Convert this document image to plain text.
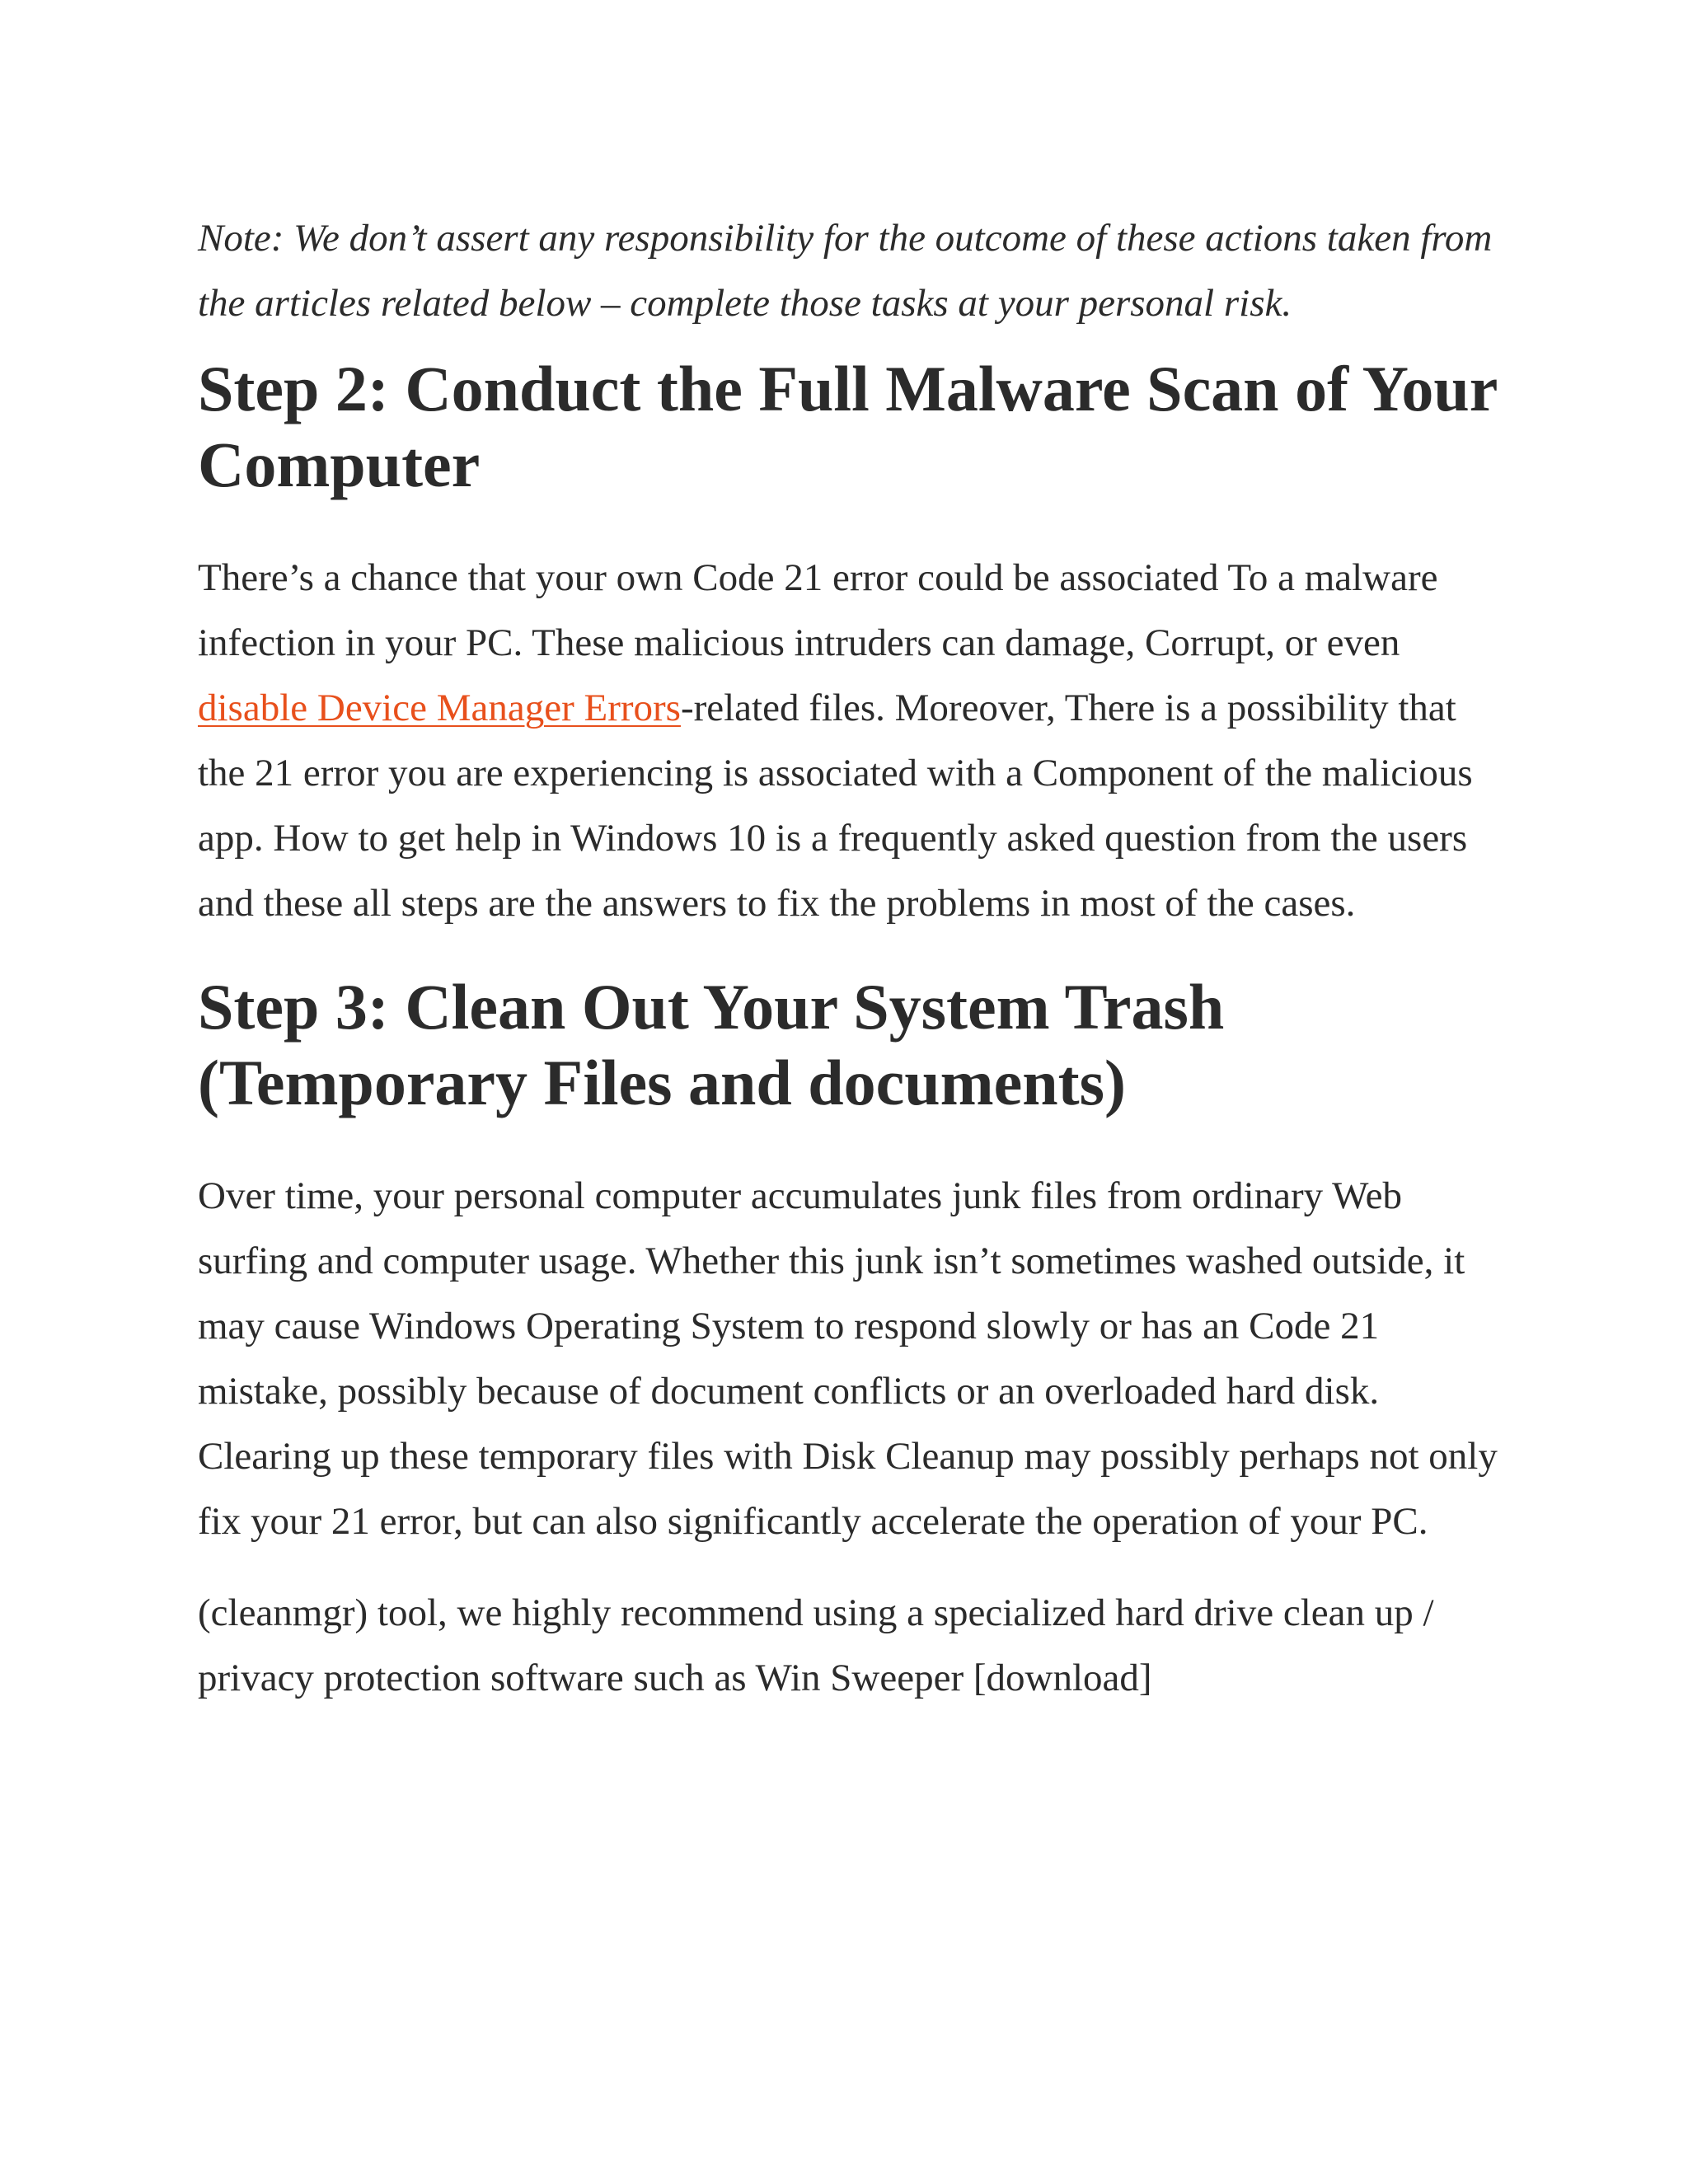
Note: We don’t assert any responsibility for the outcome of these actions taken from the articles related below – complete those tasks at your personal risk.

Step 2: Conduct the Full Malware Scan of Your Computer

There’s a chance that your own Code 21 error could be associated To a malware infection in your PC. These malicious intruders can damage, Corrupt, or even disable Device Manager Errors-related files. Moreover, There is a possibility that the 21 error you are experiencing is associated with a Component of the malicious app. How to get help in Windows 10 is a frequently asked question from the users and these all steps are the answers to fix the problems in most of the cases.

Step 3: Clean Out Your System Trash (Temporary Files and documents)

Over time, your personal computer accumulates junk files from ordinary Web surfing and computer usage. Whether this junk isn’t sometimes washed outside, it may cause Windows Operating System to respond slowly or has an Code 21 mistake, possibly because of document conflicts or an overloaded hard disk. Clearing up these temporary files with Disk Cleanup may possibly perhaps not only fix your 21 error, but can also significantly accelerate the operation of your PC.

(cleanmgr) tool, we highly recommend using a specialized hard drive clean up / privacy protection software such as Win Sweeper [download]
